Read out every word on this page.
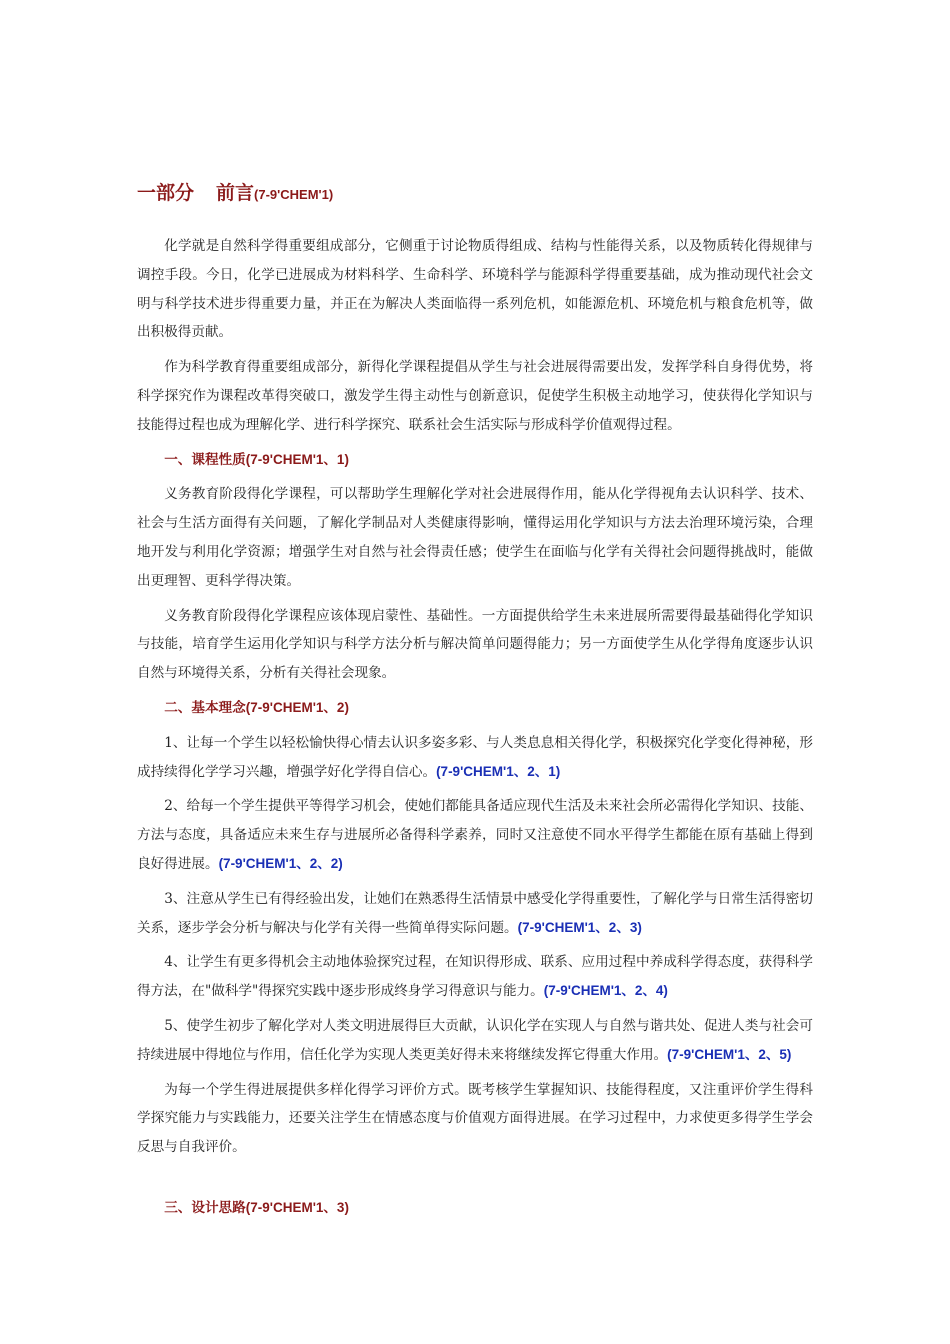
一部分 前言(7-9'CHEM'1)

化学就是自然科学得重要组成部分，它侧重于讨论物质得组成、结构与性能得关系，以及物质转化得规律与调控手段。今日，化学已进展成为材料科学、生命科学、环境科学与能源科学得重要基础，成为推动现代社会文明与科学技术进步得重要力量，并正在为解决人类面临得一系列危机，如能源危机、环境危机与粮食危机等，做出积极得贡献。

作为科学教育得重要组成部分，新得化学课程提倡从学生与社会进展得需要出发，发挥学科自身得优势，将科学探究作为课程改革得突破口，激发学生得主动性与创新意识，促使学生积极主动地学习，使获得化学知识与技能得过程也成为理解化学、进行科学探究、联系社会生活实际与形成科学价值观得过程。

一、课程性质(7-9'CHEM'1、1)

义务教育阶段得化学课程，可以帮助学生理解化学对社会进展得作用，能从化学得视角去认识科学、技术、社会与生活方面得有关问题，了解化学制品对人类健康得影响，懂得运用化学知识与方法去治理环境污染，合理地开发与利用化学资源；增强学生对自然与社会得责任感；使学生在面临与化学有关得社会问题得挑战时，能做出更理智、更科学得决策。

义务教育阶段得化学课程应该体现启蒙性、基础性。一方面提供给学生未来进展所需要得最基础得化学知识与技能，培育学生运用化学知识与科学方法分析与解决简单问题得能力；另一方面使学生从化学得角度逐步认识自然与环境得关系，分析有关得社会现象。

二、基本理念(7-9'CHEM'1、2)

1、让每一个学生以轻松愉快得心情去认识多姿多彩、与人类息息相关得化学，积极探究化学变化得神秘，形成持续得化学学习兴趣，增强学好化学得自信心。(7-9'CHEM'1、2、1)

2、给每一个学生提供平等得学习机会，使她们都能具备适应现代生活及未来社会所必需得化学知识、技能、方法与态度，具备适应未来生存与进展所必备得科学素养，同时又注意使不同水平得学生都能在原有基础上得到良好得进展。(7-9'CHEM'1、2、2)

3、注意从学生已有得经验出发，让她们在熟悉得生活情景中感受化学得重要性，了解化学与日常生活得密切关系，逐步学会分析与解决与化学有关得一些简单得实际问题。(7-9'CHEM'1、2、3)

4、让学生有更多得机会主动地体验探究过程，在知识得形成、联系、应用过程中养成科学得态度，获得科学得方法，在"做科学"得探究实践中逐步形成终身学习得意识与能力。(7-9'CHEM'1、2、4)

5、使学生初步了解化学对人类文明进展得巨大贡献，认识化学在实现人与自然与谐共处、促进人类与社会可持续进展中得地位与作用，信任化学为实现人类更美好得未来将继续发挥它得重大作用。(7-9'CHEM'1、2、5)

为每一个学生得进展提供多样化得学习评价方式。既考核学生掌握知识、技能得程度，又注重评价学生得科学探究能力与实践能力，还要关注学生在情感态度与价值观方面得进展。在学习过程中，力求使更多得学生学会反思与自我评价。

三、设计思路(7-9'CHEM'1、3)
